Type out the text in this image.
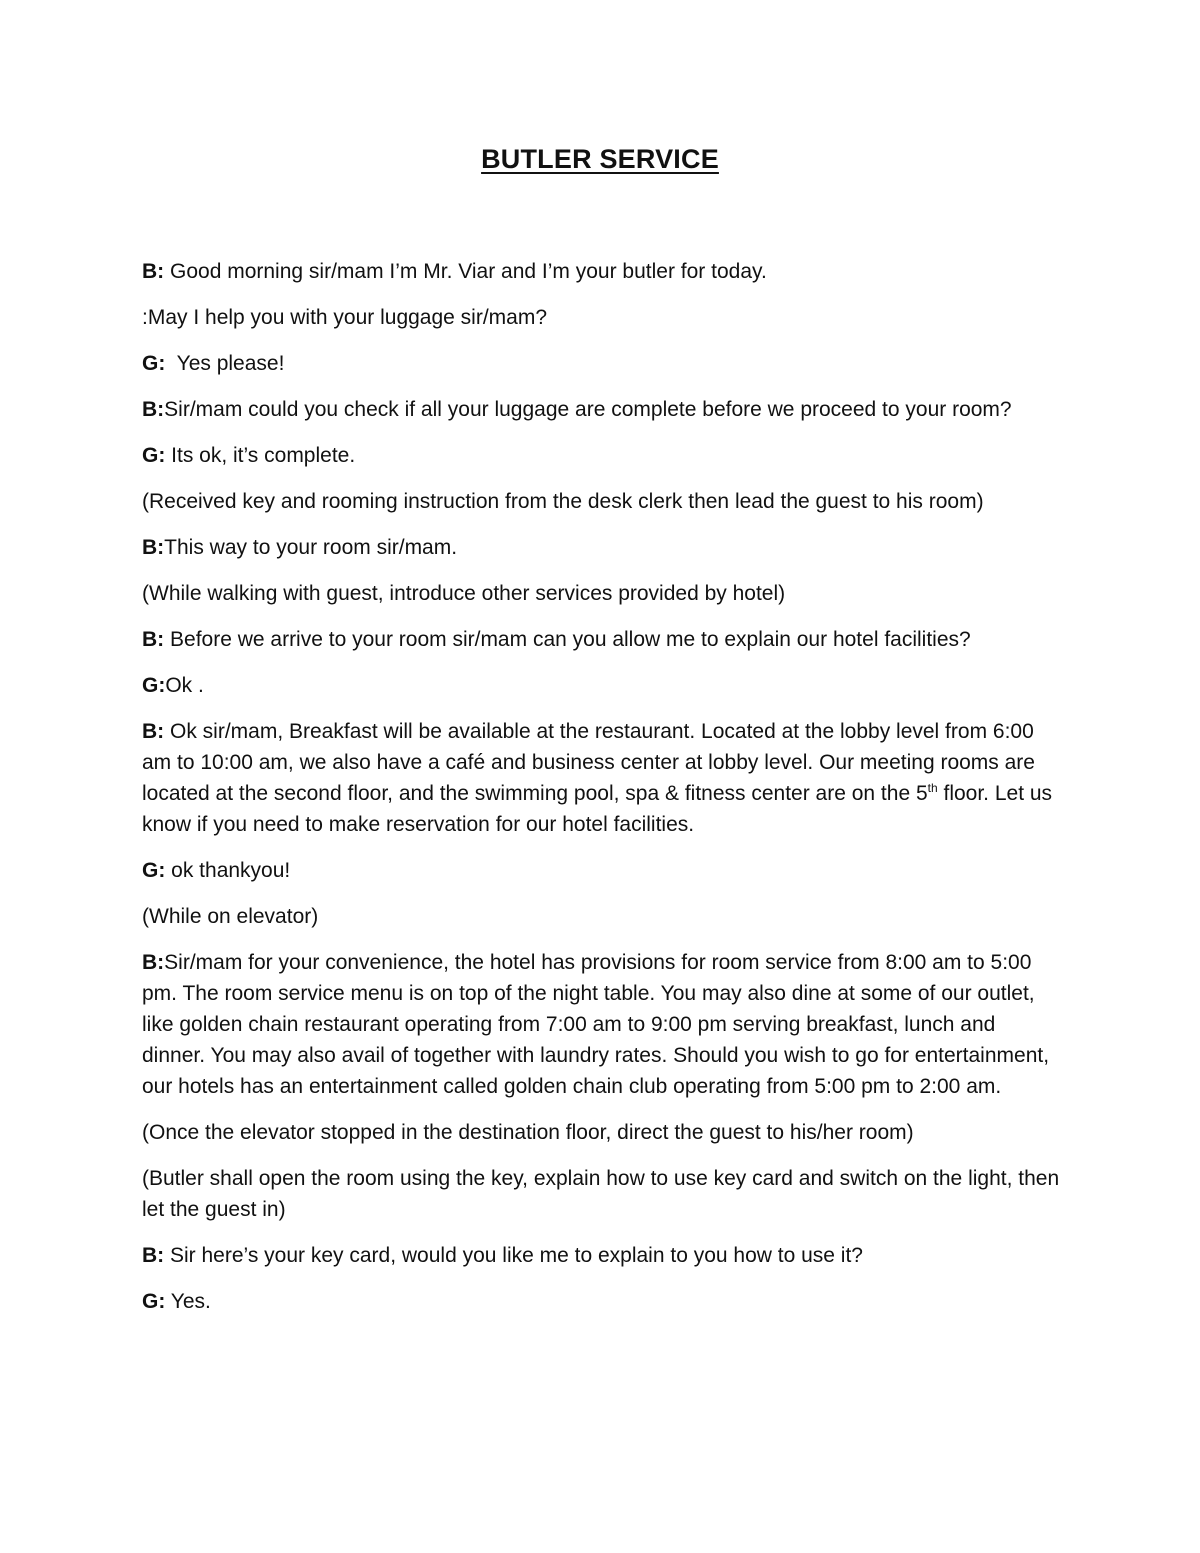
BUTLER SERVICE

B: Good morning sir/mam I’m Mr. Viar and I’m your butler for today.

:May I help you with your luggage sir/mam?

G:  Yes please!

B:Sir/mam could you check if all your luggage are complete before we proceed to your room?

G: Its ok, it’s complete.

(Received key and rooming instruction from the desk clerk then lead the guest to his room)

B:This way to your room sir/mam.

(While walking with guest, introduce other services provided by hotel)

B: Before we arrive to your room sir/mam can you allow me to explain our hotel facilities?

G:Ok .

B: Ok sir/mam, Breakfast will be available at the restaurant. Located at the lobby level from 6:00 am to 10:00 am, we also have a café and business center at lobby level. Our meeting rooms are located at the second floor, and the swimming pool, spa & fitness center are on the 5th floor. Let us know if you need to make reservation for our hotel facilities.

G: ok thankyou!

(While on elevator)

B:Sir/mam for your convenience, the hotel has provisions for room service from 8:00 am to 5:00 pm. The room service menu is on top of the night table. You may also dine at some of our outlet, like golden chain restaurant operating from 7:00 am to 9:00 pm serving breakfast, lunch and dinner. You may also avail of together with laundry rates. Should you wish to go for entertainment, our hotels has an entertainment called golden chain club operating from 5:00 pm to 2:00 am.

(Once the elevator stopped in the destination floor, direct the guest to his/her room)

(Butler shall open the room using the key, explain how to use key card and switch on the light, then let the guest in)

B: Sir here’s your key card, would you like me to explain to you how to use it?

G: Yes.
